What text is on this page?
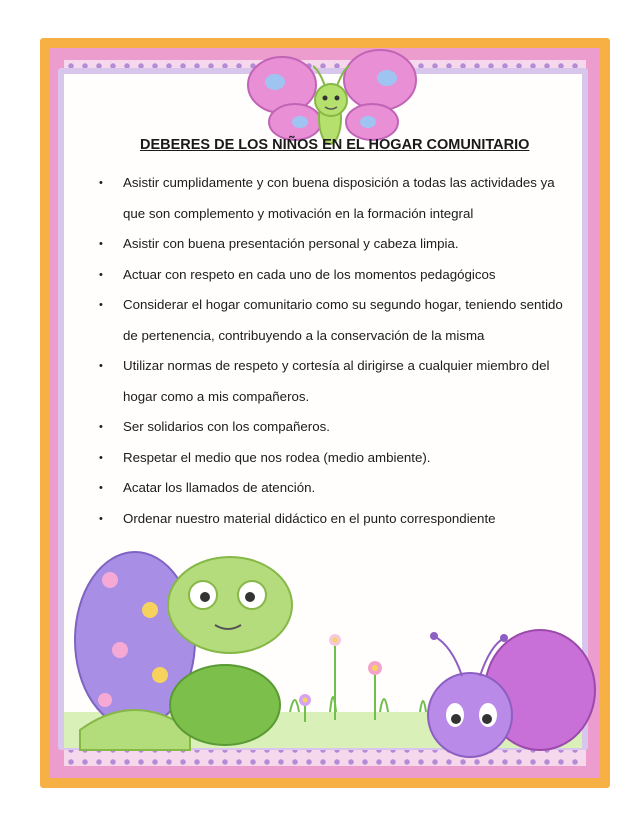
DEBERES DE LOS NIÑOS EN EL HOGAR COMUNITARIO
• Asistir cumplidamente y con buena disposición a todas las actividades ya que son complemento y motivación en la formación integral
• Asistir con buena presentación personal y cabeza limpia.
• Actuar con respeto en cada uno de los momentos pedagógicos
• Considerar el hogar comunitario como su segundo hogar, teniendo sentido de pertenencia, contribuyendo a la conservación de la misma
• Utilizar normas de respeto y cortesía al dirigirse a cualquier miembro del hogar como a mis compañeros.
• Ser solidarios con los compañeros.
• Respetar el medio que nos rodea (medio ambiente).
• Acatar los llamados de atención.
• Ordenar nuestro material didáctico en el punto correspondiente
